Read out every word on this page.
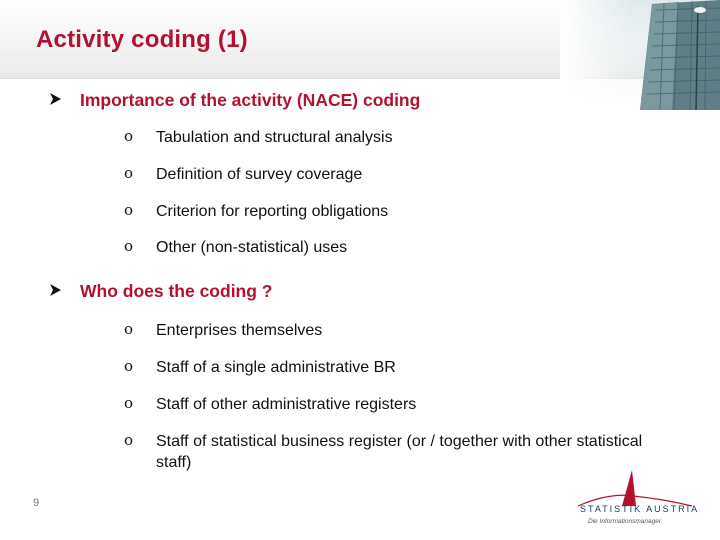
Activity coding (1)
Importance of the activity (NACE) coding
o Tabulation and structural analysis
o Definition of survey coverage
o Criterion for reporting obligations
o Other (non-statistical) uses
Who does the coding ?
o Enterprises themselves
o Staff of a single administrative BR
o Staff of other administrative registers
o Staff of statistical business register (or / together with other statistical staff)
9	STATISTIK AUSTRIA
Die Informationsmanager
